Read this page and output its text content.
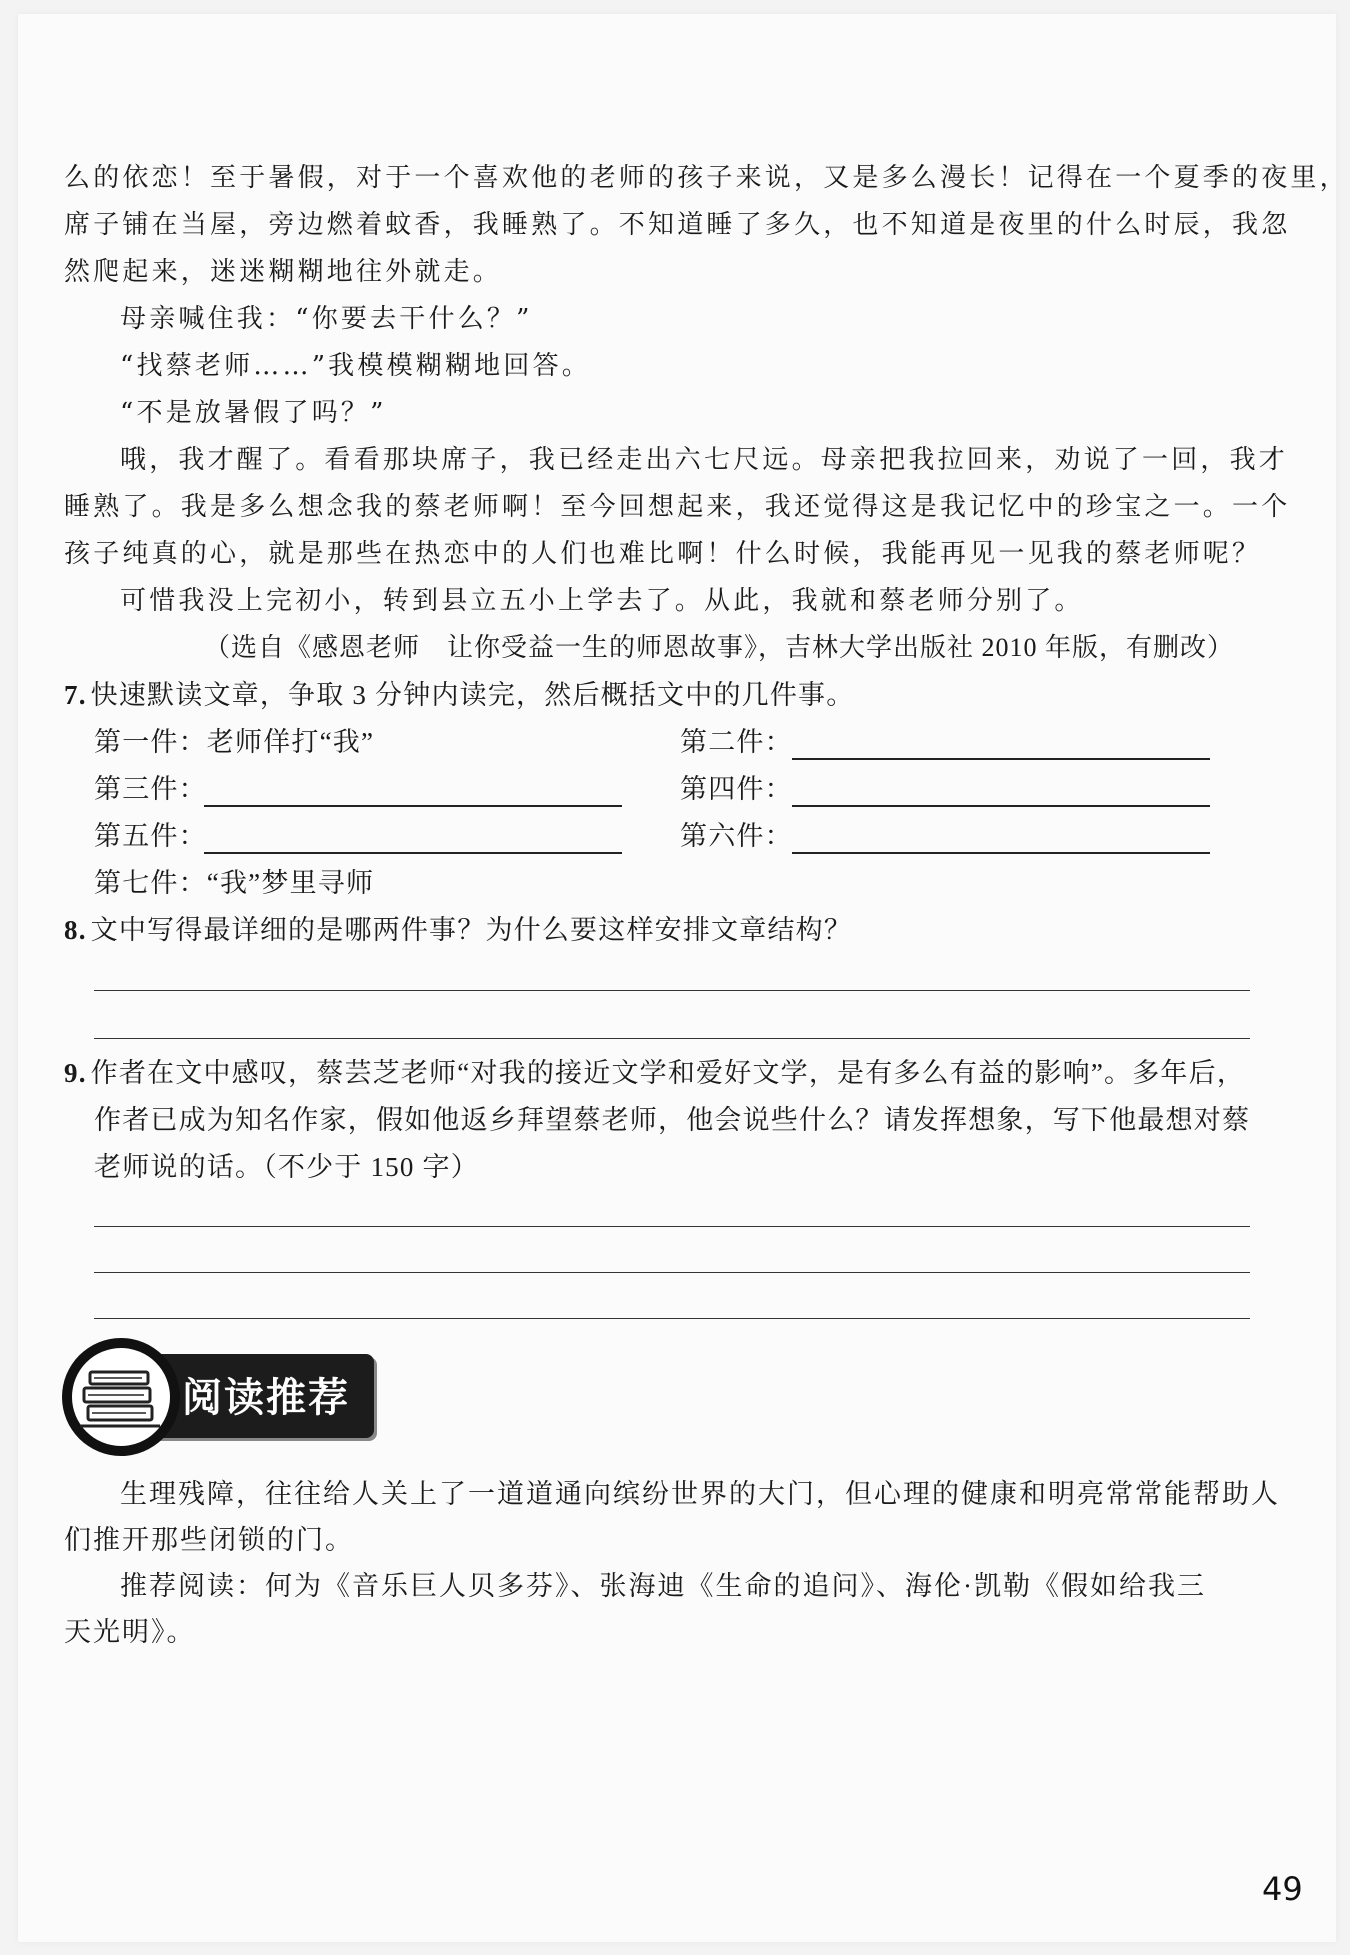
么的依恋！至于暑假，对于一个喜欢他的老师的孩子来说，又是多么漫长！记得在一个夏季的夜里，
席子铺在当屋，旁边燃着蚊香，我睡熟了。不知道睡了多久，也不知道是夜里的什么时辰，我忽
然爬起来，迷迷糊糊地往外就走。
母亲喊住我：“你要去干什么？”
“找蔡老师……”我模模糊糊地回答。
“不是放暑假了吗？”
哦，我才醒了。看看那块席子，我已经走出六七尺远。母亲把我拉回来，劝说了一回，我才
睡熟了。我是多么想念我的蔡老师啊！至今回想起来，我还觉得这是我记忆中的珍宝之一。一个
孩子纯真的心，就是那些在热恋中的人们也难比啊！什么时候，我能再见一见我的蔡老师呢？
可惜我没上完初小，转到县立五小上学去了。从此，我就和蔡老师分别了。
（选自《感恩老师　让你受益一生的师恩故事》，吉林大学出版社 2010 年版，有删改）
7. 快速默读文章，争取 3 分钟内读完，然后概括文中的几件事。
第一件：老师佯打“我”	第二件：
第三件：	第四件：
第五件：	第六件：
第七件：“我”梦里寻师
8. 文中写得最详细的是哪两件事？为什么要这样安排文章结构？
9. 作者在文中感叹，蔡芸芝老师“对我的接近文学和爱好文学，是有多么有益的影响”。多年后，
作者已成为知名作家，假如他返乡拜望蔡老师，他会说些什么？请发挥想象，写下他最想对蔡
老师说的话。（不少于 150 字）
阅读推荐
生理残障，往往给人关上了一道道通向缤纷世界的大门，但心理的健康和明亮常常能帮助人
们推开那些闭锁的门。
推荐阅读：何为《音乐巨人贝多芬》、张海迪《生命的追问》、海伦·凯勒《假如给我三
天光明》。
49
